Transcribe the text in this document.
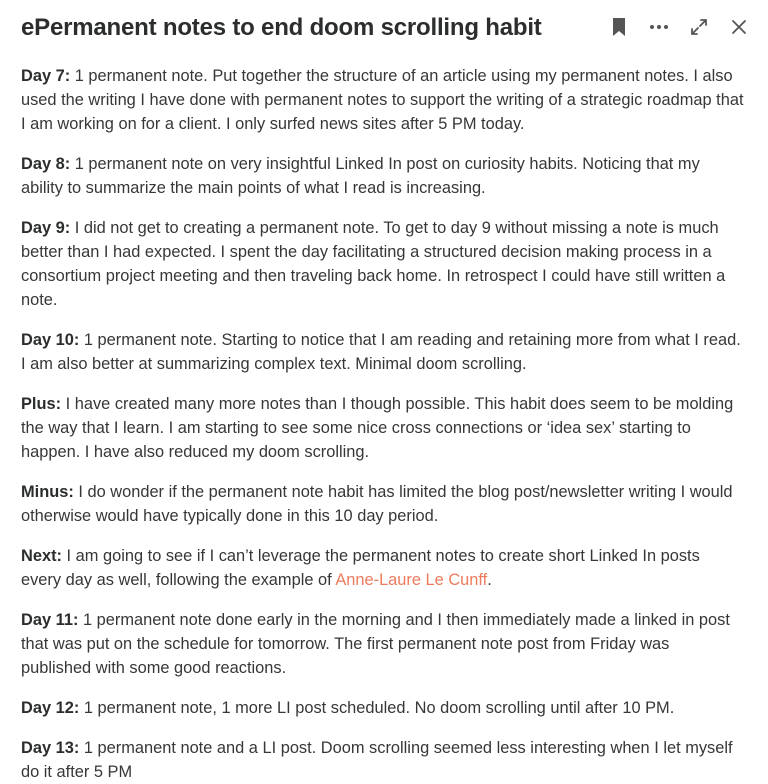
ePermanent notes to end doom scrolling habit

Day 7: 1 permanent note. Put together the structure of an article using my permanent notes. I also used the writing I have done with permanent notes to support the writing of a strategic roadmap that I am working on for a client. I only surfed news sites after 5 PM today.

Day 8: 1 permanent note on very insightful Linked In post on curiosity habits. Noticing that my ability to summarize the main points of what I read is increasing.

Day 9: I did not get to creating a permanent note. To get to day 9 without missing a note is much better than I had expected. I spent the day facilitating a structured decision making process in a consortium project meeting and then traveling back home. In retrospect I could have still written a note.

Day 10: 1 permanent note. Starting to notice that I am reading and retaining more from what I read. I am also better at summarizing complex text. Minimal doom scrolling.

Plus: I have created many more notes than I though possible. This habit does seem to be molding the way that I learn. I am starting to see some nice cross connections or ‘idea sex’ starting to happen. I have also reduced my doom scrolling.

Minus: I do wonder if the permanent note habit has limited the blog post/newsletter writing I would otherwise would have typically done in this 10 day period.

Next: I am going to see if I can’t leverage the permanent notes to create short Linked In posts every day as well, following the example of Anne-Laure Le Cunff.

Day 11: 1 permanent note done early in the morning and I then immediately made a linked in post that was put on the schedule for tomorrow. The first permanent note post from Friday was published with some good reactions.

Day 12: 1 permanent note, 1 more LI post scheduled. No doom scrolling until after 10 PM.

Day 13: 1 permanent note and a LI post. Doom scrolling seemed less interesting when I let myself do it after 5 PM
